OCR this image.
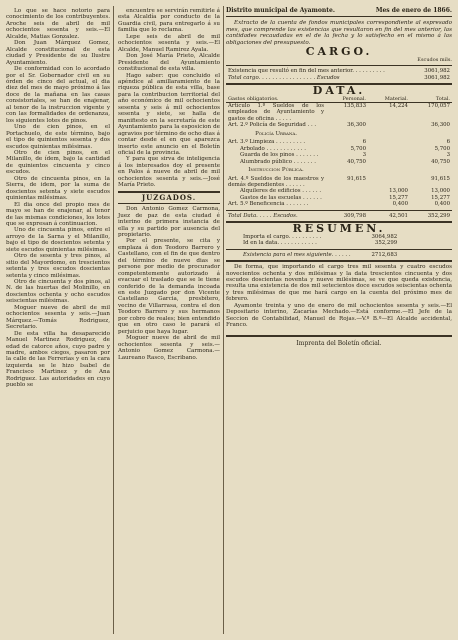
Lo que se hace notorio para conocimiento de los contribuyentes. Aroche seis de abril de mil ochocientos sesenta y seis.—El Alcalde, Matias Gonzalez.

Don Juan Márquez Gomez, Alcalde constitucional de esta ciudad y Presidente de su Ilustre Ayuntamiento.

De conformidad con lo acordado por el Sr. Gobernador civil en su órden de cinco del actual, el dia diez del mes de mayo próximo á las doce de la mañana en las casas consistoriales, se han de enajenar, al tenor de la instruccion vigente y con las formalidades de ordenanza, los siguientes lotes de pinos.

Uno de cien pinos, en el Portachuelo, de este término, bajo el tipo de quinientos sesenta y dos escudos quinientas milésimas.

Otro de cien pinos, en el Milanillo, de ídem, bajo la cantidad de quinientos cincuenta y cinco escudos.

Otro de cincuenta pinos, en la Sierra, de idem, por la suma de doscientos setenta y siete escudos quinientas milésimas.

El dia once del propio mes de mayo se han de enajenar, al tenor de las mismas condiciones, los lotes que se expresan á continuacion.

Uno de cincuenta pinos, entre el arroyo de la Sarna y el Milanillo, bajo el tipo de doscientos setenta y siete escudos quinientas milésimas.

Otro de sesenta y tres pinos, al sitio del Mayordomo, en trescientos setenta y tres escudos doscientas setenta y cinco milésimas.

Otro de cincuenta y dos pinos, al N. de las huertas del Molinillo, en doscientos ochenta y ocho escudos seiscientas milésimas.

Moguer nueve de abril de mil ochocientos sesenta y seis.—Juan Márquez.—Tomás Rodriguez, Secretario.

De esta villa ha desaparecido Manuel Martinez Rodriguez, de edad de catorce años, cuyo padre y madre, ambos ciegos, pasaron por la calle de las Ferrerias y en la cara izquierda se le hizo Isabel de Francisco Martinez y de Ana Rodriguez. Las autoridades en cuyo pueblo se

encuentre se servirán remitirle á esta Alcaldía por conducto de la Guardia civil, para entregarlo á su familia que lo reclama.

Lepe seis de abril de mil ochocientos sesenta y seis.—El Alcalde, Manuel Ramirez Ayala.

Don José María Prieto, Alcalde Presidente del Ayuntamiento constitucional de esta villa.

Hago saber: que concluido el apéndice al amillaramiento de la riqueza pública de esta villa, base para la contribucion territorial del año económico de mil ochocientos sesenta y seis á mil ochocientos sesenta y siete, se halla de manifiesto en la secretaría de este Ayuntamiento para la esposicion de agravios por término de ocho dias á contar desde el en que aparezca inserto este anuncio en el Boletín oficial de la provincia.

Y para que sirva de inteligencia á los interesados doy el presente en Palos á nueve de abril de mil ochocientos sesenta y seis.—José María Prieto.

JUZGADOS.

Don Antonio Gomez Carmona, Juez de paz de esta ciudad é interino de primera instancia de ella y su partido por ausencia del propietario.

Por el presente, se cita y emplaza á don Teodoro Barrero y Castellano, con el fin de que dentro del término de nueve dias se persone por medio de procurador competentemente autorizado á evacuar el traslado que se le tiene conferido de la demanda incoada en este Juzgado por don Vicente Castellano Garcia, presbítero, vecino de Villarrasa, contra el don Teodoro Barrero y sus hermanos por cobro de reales; bien entendido que en otro caso le parará el perjuicio que haya lugar.

Moguer nueve de abril de mil ochocientos sesenta y seis.—Antonio Gomez Carmona.—Laureano Rasco, Escribano.

Distrito municipal de Ayamonte.	Mes de enero de 1866.

Extracto de la cuenta de fondos municipales correspondiente al espresado mes, que comprende las existencias que resultaron en fin del mes anterior, las cantidades recaudadas en el de la fecha y lo satisfecho en el mismo á las obligaciones del presupuesto.

CARGO.
Escudos mils.
Existencia que resultó en fin del mes anterior. . . . . . . . . .	3061,982
Total cargo. . . . . . . . . . . . . . . . . Escudos	3061,982
DATA.
Gastos obligatorios.	Personal.	Material.	Total.
Artículo 1.º Sueldos de los empleados de Ayuntamiento y gastos de oficina . . . . .	135,833	14,224	170,057
Art. 2.º Policía de Seguridad . . .	36,300		36,300
Policía Urbana.			
Art. 3.º Limpieza . . . . . . . . .	6		6
Arbolado . . . . . . . . . . . .	5,700		5,700
Guarda de los pinos . . . . . . .	3		3
Alumbrado público . . . . . . .	40,750		40,750
Instruccion Pública.			
Art. 4.º Sueldos de los maestros y demás dependientes . . . . . .	91,615		91,615
Alquileres de edificios . . . . . .		13,000	13,000
Gastos de las escuelas . . . . . .		15,277	15,277
Art. 5.º Beneficencia . . . . . . .		0,400	0,400
Total Data. . . . . Escudos.	309,798	42,501	352,299
RESUMEN.
Importa el cargo. . . . . . . . . .	3064,982
Id en la data. . . . . . . . . . . .	352,299
Existencia para el mes siguiente. . . . . .	2712,683

De forma, que importando el cargo tres mil sesenta y cuatro escudos novecientos ochenta y dos milésimas y la data trescientos cincuenta y dos escudos doscientas noventa y nueve milésimas, se ve que queda existencia, resulta una existencia de dos mil setecientos doce escudos seiscientas ochenta y tres milésimas de que me hará cargo en la cuenta del próximo mes de febrero.

Ayamonte treinta y uno de enero de mil ochocientos sesenta y seis.—El Depositario interino, Zacarías Mechado.—Está conforme.—El Jefe de la Seccion de Contabilidad, Manuel de Rojas.—V.º B.º—El Alcalde accidental, Franco.

Imprenta del Boletín oficial.
